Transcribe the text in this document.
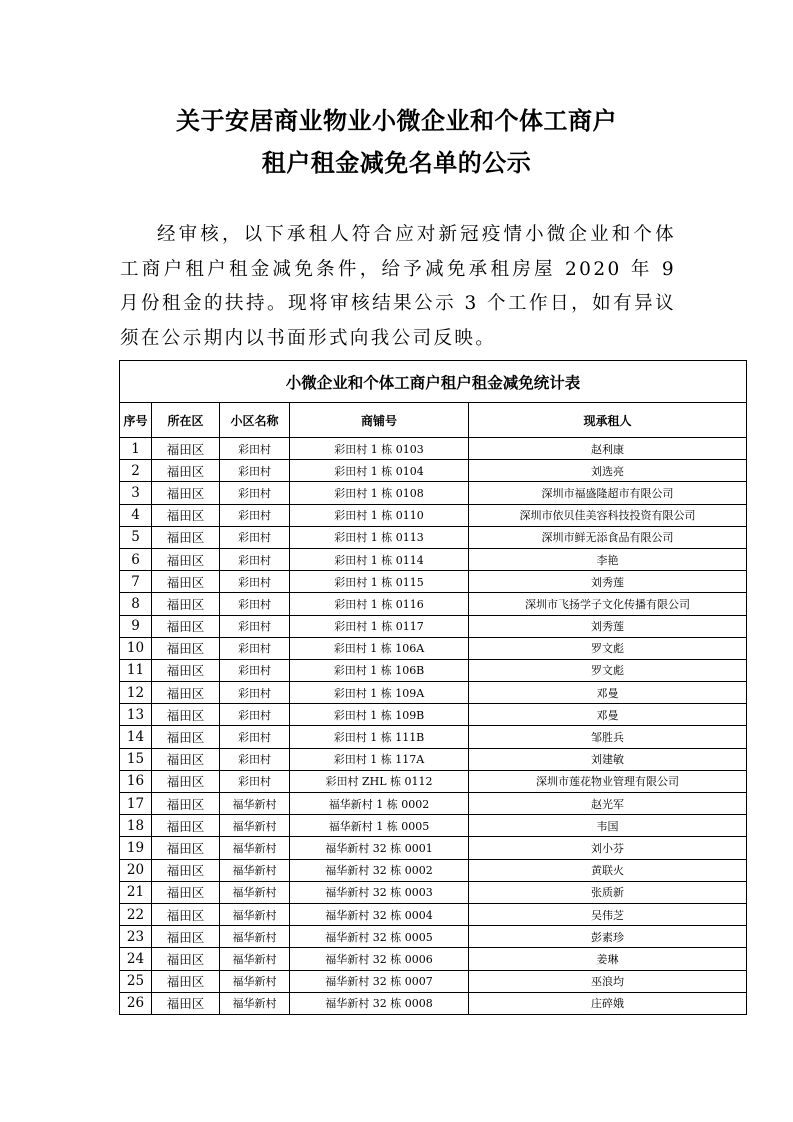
关于安居商业物业小微企业和个体工商户
租户租金减免名单的公示
经审核，以下承租人符合应对新冠疫情小微企业和个体工商户租户租金减免条件，给予减免承租房屋 2020 年 9 月份租金的扶持。现将审核结果公示 3 个工作日，如有异议须在公示期内以书面形式向我公司反映。
小微企业和个体工商户租户租金减免统计表				
序号	所在区	小区名称	商铺号	现承租人
1	福田区	彩田村	彩田村 1 栋 0103	赵利康
2	福田区	彩田村	彩田村 1 栋 0104	刘选亮
3	福田区	彩田村	彩田村 1 栋 0108	深圳市福盛隆超市有限公司
4	福田区	彩田村	彩田村 1 栋 0110	深圳市依贝佳美容科技投资有限公司
5	福田区	彩田村	彩田村 1 栋 0113	深圳市鲜无添食品有限公司
6	福田区	彩田村	彩田村 1 栋 0114	李艳
7	福田区	彩田村	彩田村 1 栋 0115	刘秀莲
8	福田区	彩田村	彩田村 1 栋 0116	深圳市飞扬学子文化传播有限公司
9	福田区	彩田村	彩田村 1 栋 0117	刘秀莲
10	福田区	彩田村	彩田村 1 栋 106A	罗文彪
11	福田区	彩田村	彩田村 1 栋 106B	罗文彪
12	福田区	彩田村	彩田村 1 栋 109A	邓曼
13	福田区	彩田村	彩田村 1 栋 109B	邓曼
14	福田区	彩田村	彩田村 1 栋 111B	邹胜兵
15	福田区	彩田村	彩田村 1 栋 117A	刘建敏
16	福田区	彩田村	彩田村 ZHL 栋 0112	深圳市莲花物业管理有限公司
17	福田区	福华新村	福华新村 1 栋 0002	赵光军
18	福田区	福华新村	福华新村 1 栋 0005	韦国
19	福田区	福华新村	福华新村 32 栋 0001	刘小芬
20	福田区	福华新村	福华新村 32 栋 0002	黄联火
21	福田区	福华新村	福华新村 32 栋 0003	张质新
22	福田区	福华新村	福华新村 32 栋 0004	吴伟芝
23	福田区	福华新村	福华新村 32 栋 0005	彭素珍
24	福田区	福华新村	福华新村 32 栋 0006	姜琳
25	福田区	福华新村	福华新村 32 栋 0007	巫浪均
26	福田区	福华新村	福华新村 32 栋 0008	庄碎娥
